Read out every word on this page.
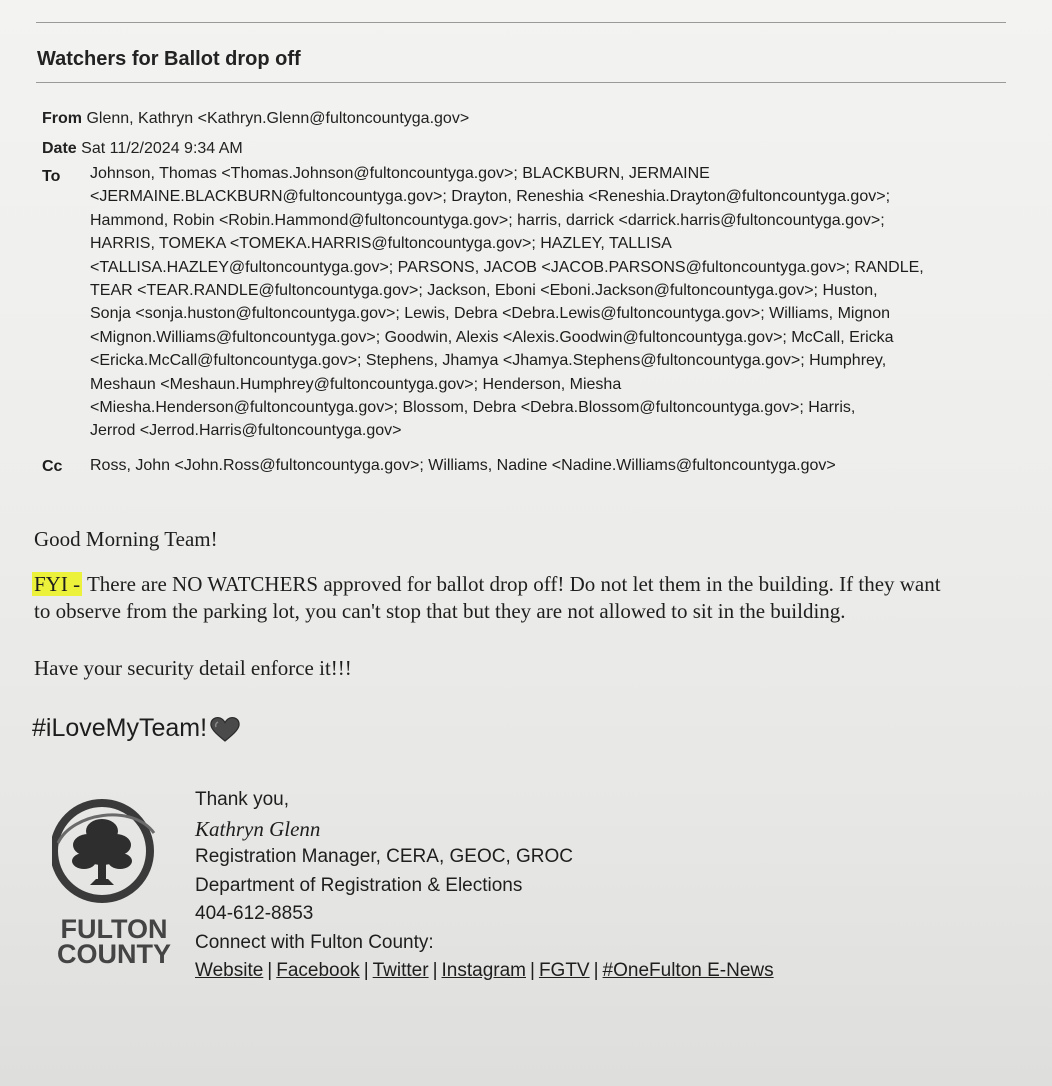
Watchers for Ballot drop off
From Glenn, Kathryn <Kathryn.Glenn@fultoncountyga.gov>
Date Sat 11/2/2024 9:34 AM
To Johnson, Thomas <Thomas.Johnson@fultoncountyga.gov>; BLACKBURN, JERMAINE
<JERMAINE.BLACKBURN@fultoncountyga.gov>; Drayton, Reneshia <Reneshia.Drayton@fultoncountyga.gov>;
Hammond, Robin <Robin.Hammond@fultoncountyga.gov>; harris, darrick <darrick.harris@fultoncountyga.gov>;
HARRIS, TOMEKA <TOMEKA.HARRIS@fultoncountyga.gov>; HAZLEY, TALLISA
<TALLISA.HAZLEY@fultoncountyga.gov>; PARSONS, JACOB <JACOB.PARSONS@fultoncountyga.gov>; RANDLE,
TEAR <TEAR.RANDLE@fultoncountyga.gov>; Jackson, Eboni <Eboni.Jackson@fultoncountyga.gov>; Huston,
Sonja <sonja.huston@fultoncountyga.gov>; Lewis, Debra <Debra.Lewis@fultoncountyga.gov>; Williams, Mignon
<Mignon.Williams@fultoncountyga.gov>; Goodwin, Alexis <Alexis.Goodwin@fultoncountyga.gov>; McCall, Ericka
<Ericka.McCall@fultoncountyga.gov>; Stephens, Jhamya <Jhamya.Stephens@fultoncountyga.gov>; Humphrey,
Meshaun <Meshaun.Humphrey@fultoncountyga.gov>; Henderson, Miesha
<Miesha.Henderson@fultoncountyga.gov>; Blossom, Debra <Debra.Blossom@fultoncountyga.gov>; Harris,
Jerrod <Jerrod.Harris@fultoncountyga.gov>
Cc Ross, John <John.Ross@fultoncountyga.gov>; Williams, Nadine <Nadine.Williams@fultoncountyga.gov>
Good Morning Team!
FYI - There are NO WATCHERS approved for ballot drop off! Do not let them in the building. If they want
to observe from the parking lot, you can't stop that but they are not allowed to sit in the building.
Have your security detail enforce it!!!
#iLoveMyTeam!
FULTON
COUNTY
Thank you,
Kathryn Glenn
Registration Manager, CERA, GEOC, GROC
Department of Registration & Elections
404-612-8853
Connect with Fulton County:
Website | Facebook | Twitter | Instagram | FGTV | #OneFulton E-News
